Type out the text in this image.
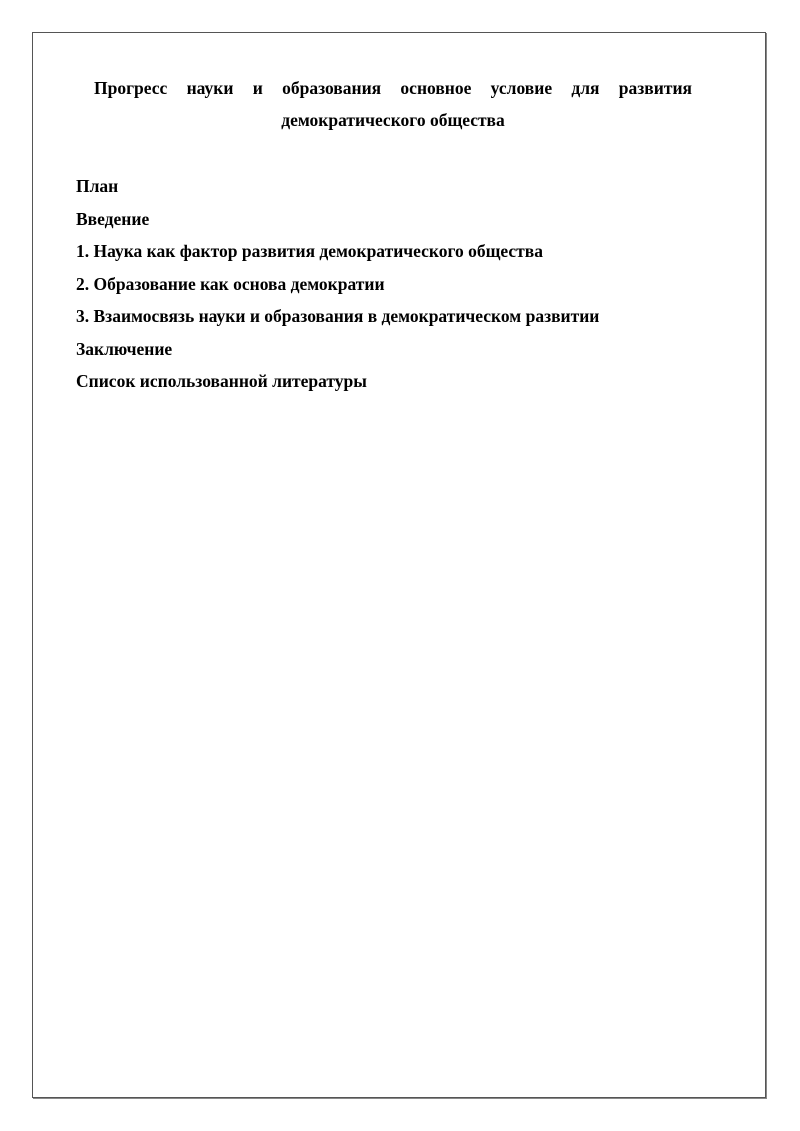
Прогресс науки и образования основное условие для развития
демократического общества
План
Введение
1. Наука как фактор развития демократического общества
2. Образование как основа демократии
3. Взаимосвязь науки и образования в демократическом развитии
Заключение
Список использованной литературы
